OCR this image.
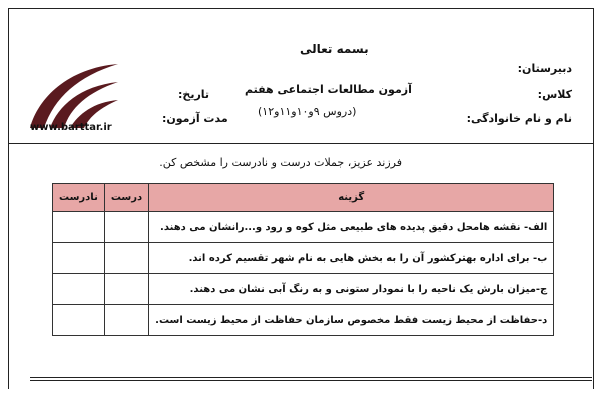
بسمه تعالی
دبیرستان:
کلاس:
نام و نام خانوادگی:
آزمون مطالعات اجتماعی هفتم
(دروس ۹و۱۰و۱۱و۱۲)
تاریخ:
مدت آزمون:
www.barttar.ir
فرزند عزیز، جملات درست و نادرست را مشخص کن.
گزینه	درست	نادرست
الف- نقشه هامحل دقیق پدیده های طبیعی مثل کوه و رود و...رانشان می دهند.		
ب- برای اداره بهترکشور آن را به بخش هایی به نام شهر تقسیم کرده اند.		
ج-میزان بارش یک ناحیه را با نمودار ستونی و به رنگ آبی نشان می دهند.		
د-حفاظت از محیط زیست فقط مخصوص سازمان حفاظت از محیط زیست است.		
